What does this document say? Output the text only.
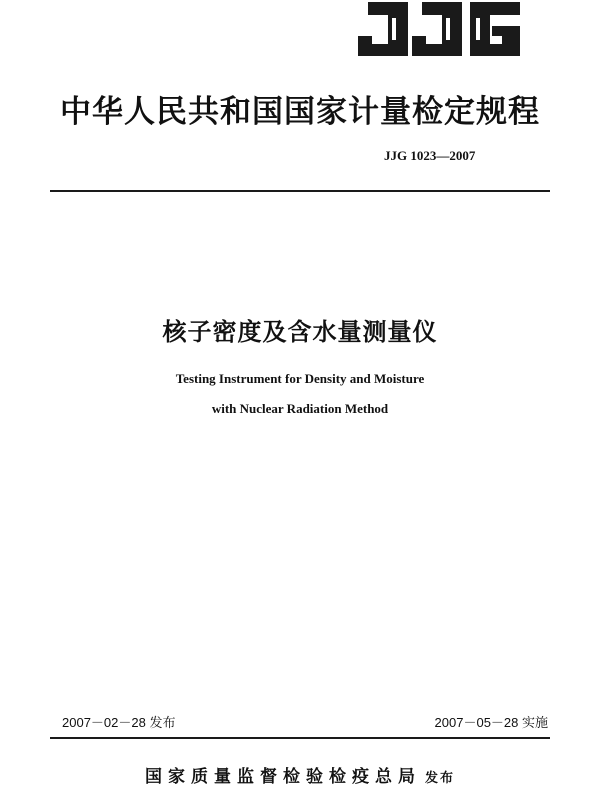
中华人民共和国国家计量检定规程
JJG 1023—2007
核子密度及含水量测量仪
Testing Instrument for Density and Moisture
with Nuclear Radiation Method
2007－02－28 发布	2007－05－28 实施
国家质量监督检验检疫总局 发布
